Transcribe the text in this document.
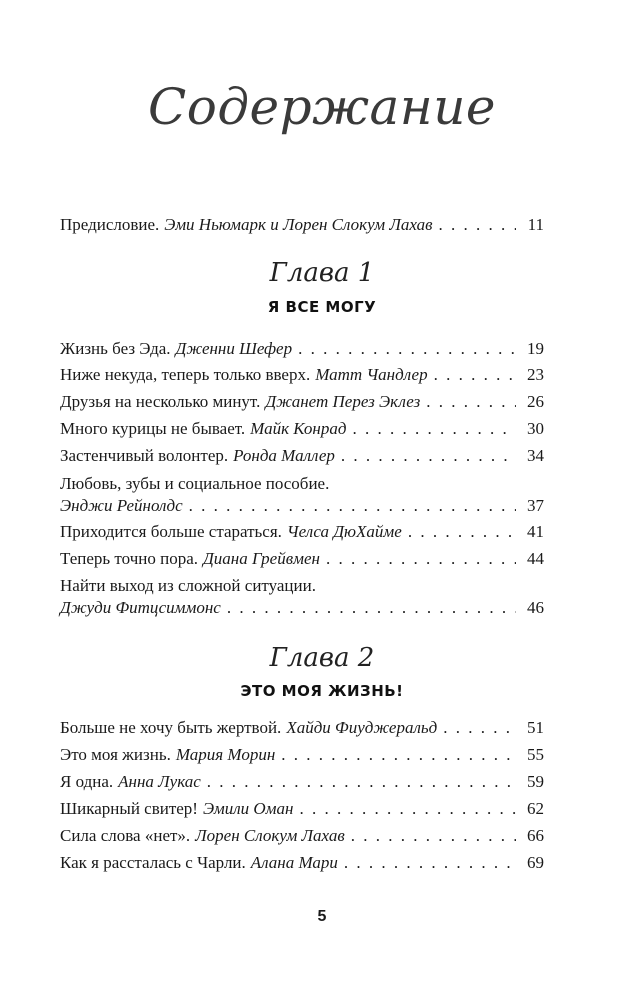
Содержание
Предисловие. Эми Ньюмарк и Лорен Слокум Лахав . . .	11
Глава 1
Я ВСЕ МОГУ
Жизнь без Эда. Дженни Шефер . . .	19
Ниже некуда, теперь только вверх. Матт Чандлер . . .	23
Друзья на несколько минут. Джанет Перез Эклез . . .	26
Много курицы не бывает. Майк Конрад . . .	30
Застенчивый волонтер. Ронда Маллер . . .	34
Любовь, зубы и социальное пособие.
Энджи Рейнолдс . . .	37
Приходится больше стараться. Челса ДюХайме . . .	41
Теперь точно пора. Диана Грейвмен . . .	44
Найти выход из сложной ситуации.
Джуди Фитцсиммонс . . .	46
Глава 2
ЭТО МОЯ ЖИЗНЬ!
Больше не хочу быть жертвой. Хайди Фиуджеральд . . .	51
Это моя жизнь. Мария Морин . . .	55
Я одна. Анна Лукас . . .	59
Шикарный свитер! Эмили Оман . . .	62
Сила слова «нет». Лорен Слокум Лахав . . .	66
Как я рассталась с Чарли. Алана Мари . . .	69
5
